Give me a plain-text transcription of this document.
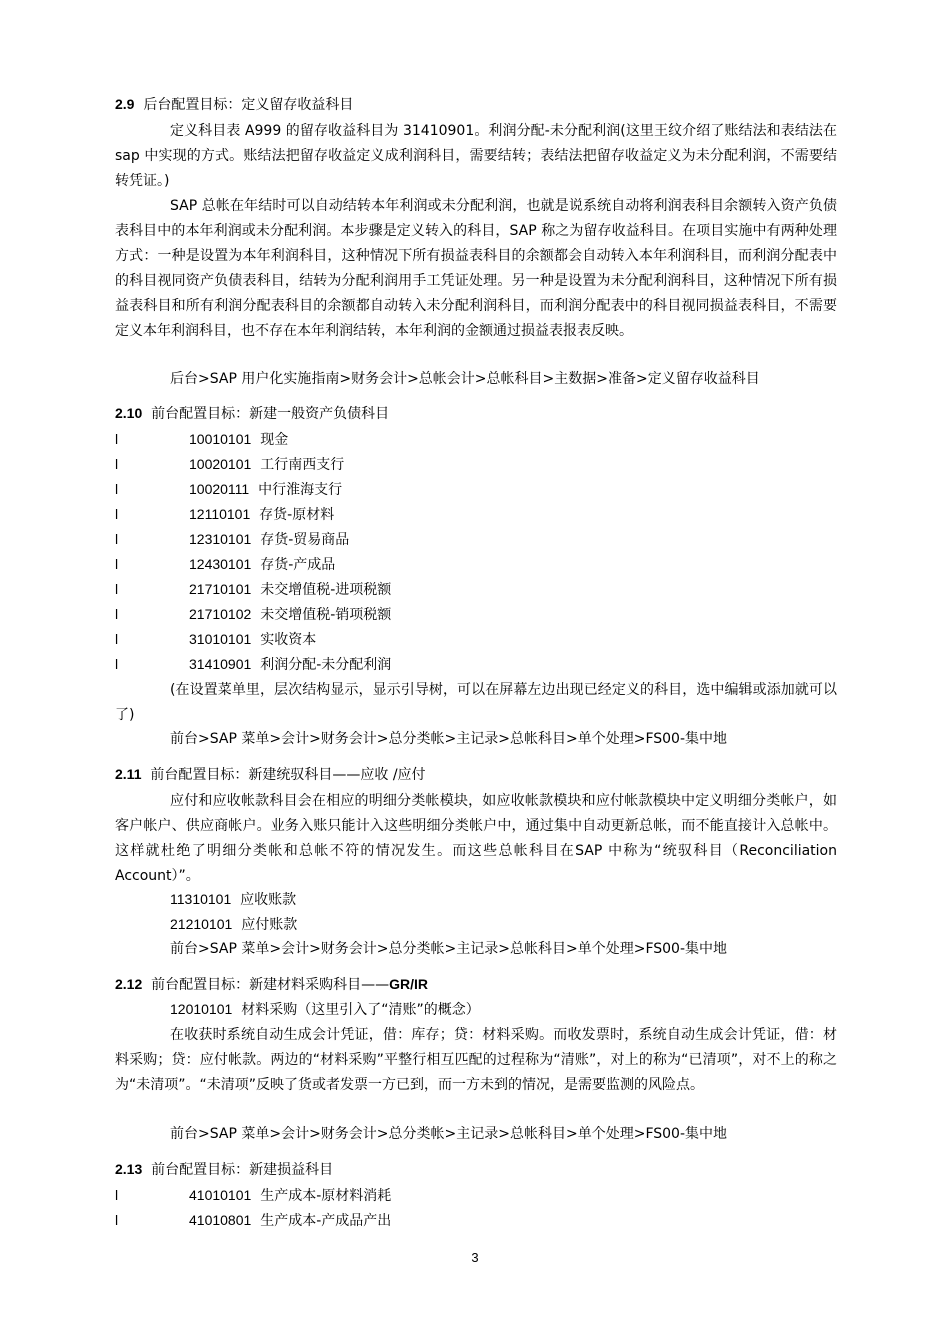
2.9 后台配置目标：定义留存收益科目
定义科目表 A999 的留存收益科目为 31410901。利润分配-未分配利润(这里王纹介绍了账结法和表结法在 sap 中实现的方式。账结法把留存收益定义成利润科目，需要结转；表结法把留存收益定义为未分配利润，不需要结转凭证。)
SAP 总帐在年结时可以自动结转本年利润或未分配利润，也就是说系统自动将利润表科目余额转入资产负债表科目中的本年利润或未分配利润。本步骤是定义转入的科目，SAP 称之为留存收益科目。在项目实施中有两种处理方式：一种是设置为本年利润科目，这种情况下所有损益表科目的余额都会自动转入本年利润科目，而利润分配表中的科目视同资产负债表科目，结转为分配利润用手工凭证处理。另一种是设置为未分配利润科目，这种情况下所有损益表科目和所有利润分配表科目的余额都自动转入未分配利润科目，而利润分配表中的科目视同损益表科目，不需要定义本年利润科目，也不存在本年利润结转，本年利润的金额通过损益表报表反映。
后台>SAP 用户化实施指南>财务会计>总帐会计>总帐科目>主数据>准备>定义留存收益科目
2.10 前台配置目标：新建一般资产负债科目
l	10010101 现金
l	10020101 工行南西支行
l	10020111 中行淮海支行
l	12110101 存货-原材料
l	12310101 存货-贸易商品
l	12430101 存货-产成品
l	21710101 未交增值税-进项税额
l	21710102 未交增值税-销项税额
l	31010101 实收资本
l	31410901 利润分配-未分配利润
(在设置菜单里，层次结构显示，显示引导树，可以在屏幕左边出现已经定义的科目，选中编辑或添加就可以了)
前台>SAP 菜单>会计>财务会计>总分类帐>主记录>总帐科目>单个处理>FS00-集中地
2.11 前台配置目标：新建统驭科目——应收 /应付
应付和应收帐款科目会在相应的明细分类帐模块，如应收帐款模块和应付帐款模块中定义明细分类帐户，如客户帐户、供应商帐户。业务入账只能计入这些明细分类帐户中，通过集中自动更新总帐，而不能直接计入总帐中。这样就杜绝了明细分类帐和总帐不符的情况发生。而这些总帐科目在SAP 中称为“统驭科目（Reconciliation Account）”。
11310101 应收账款
21210101 应付账款
前台>SAP 菜单>会计>财务会计>总分类帐>主记录>总帐科目>单个处理>FS00-集中地
2.12 前台配置目标：新建材料采购科目——GR/IR
12010101 材料采购（这里引入了“清账”的概念）
在收获时系统自动生成会计凭证，借：库存；贷：材料采购。而收发票时，系统自动生成会计凭证，借：材料采购；贷：应付帐款。两边的“材料采购”平整行相互匹配的过程称为“清账”，对上的称为“已清项”，对不上的称之为“未清项”。“未清项”反映了货或者发票一方已到，而一方未到的情况，是需要监测的风险点。
前台>SAP 菜单>会计>财务会计>总分类帐>主记录>总帐科目>单个处理>FS00-集中地
2.13 前台配置目标：新建损益科目
l	41010101 生产成本-原材料消耗
l	41010801 生产成本-产成品产出
3
